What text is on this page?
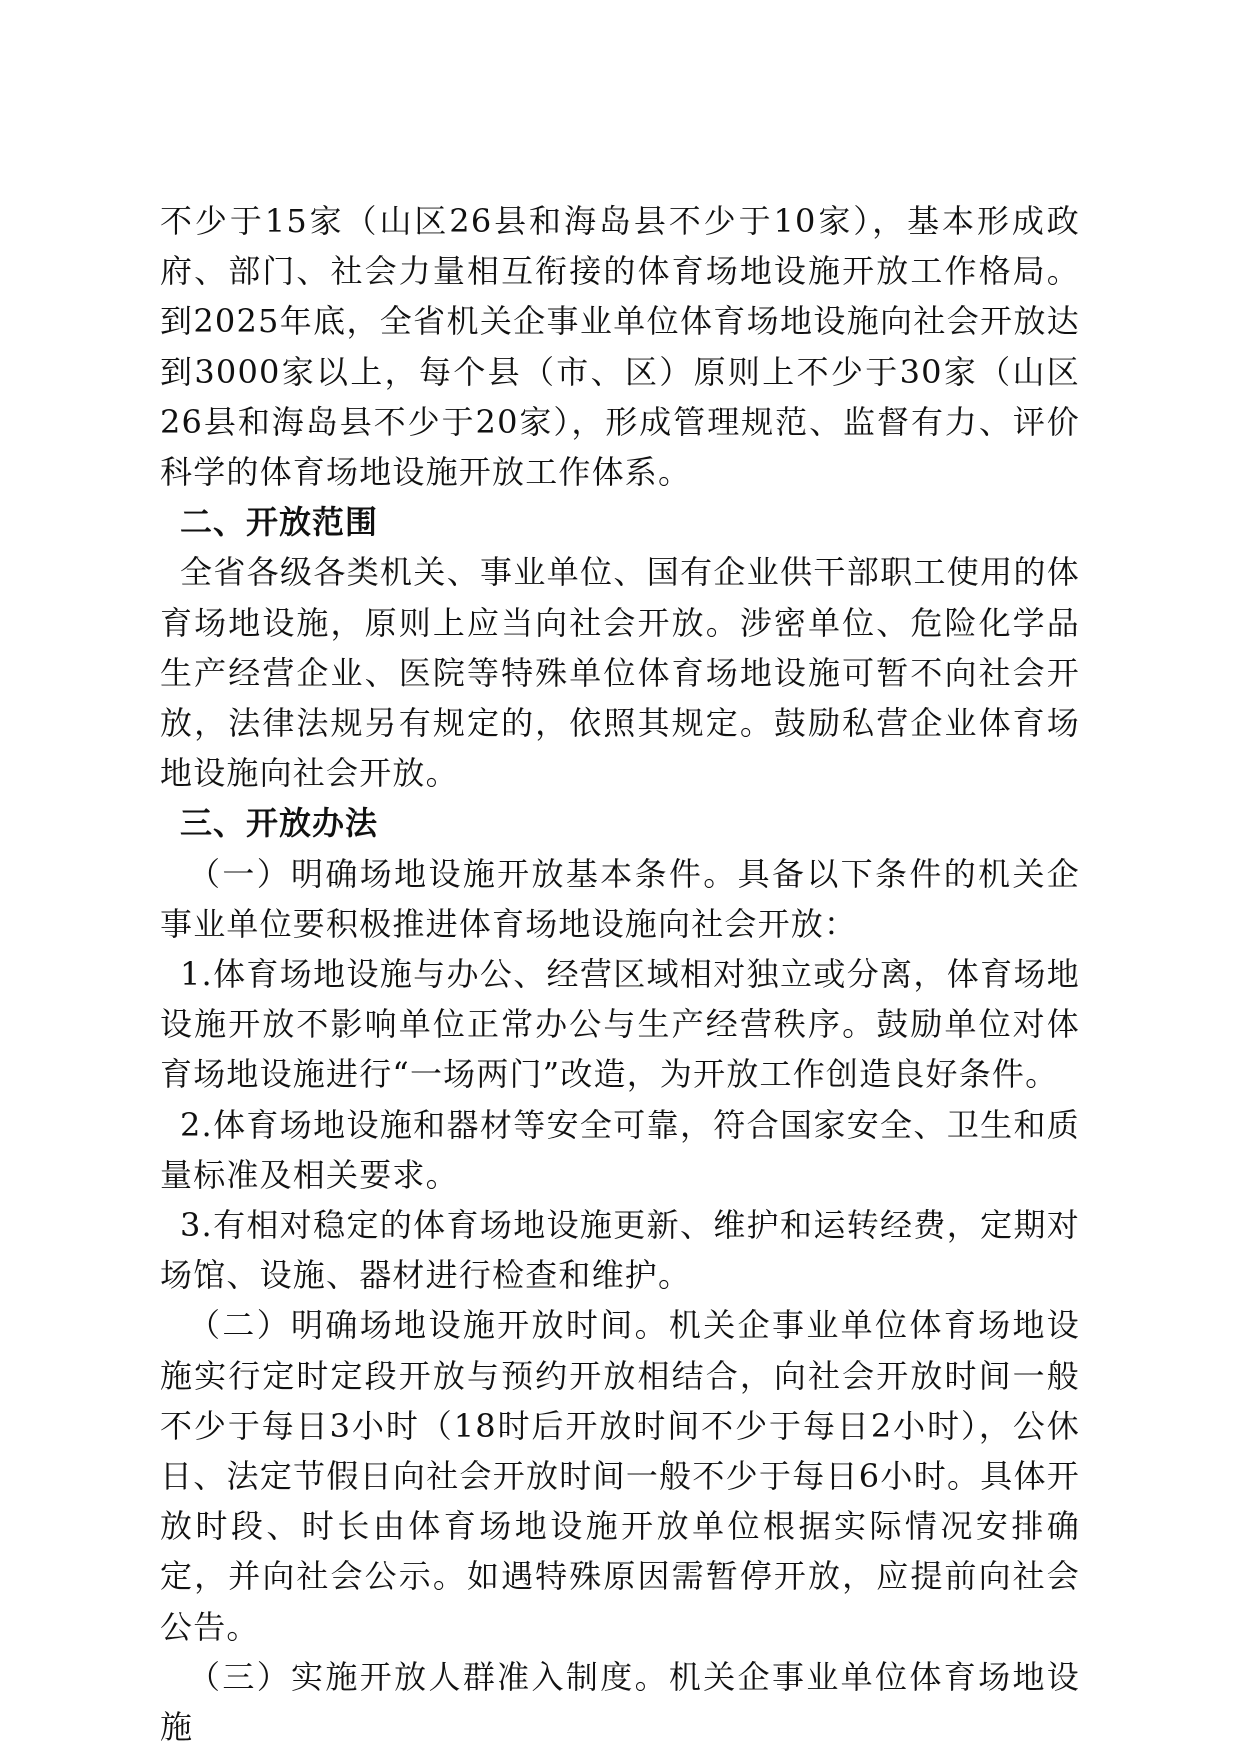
不少于15家（山区26县和海岛县不少于10家），基本形成政府、部门、社会力量相互衔接的体育场地设施开放工作格局。到2025年底，全省机关企事业单位体育场地设施向社会开放达到3000家以上，每个县（市、区）原则上不少于30家（山区26县和海岛县不少于20家），形成管理规范、监督有力、评价科学的体育场地设施开放工作体系。

二、开放范围

全省各级各类机关、事业单位、国有企业供干部职工使用的体育场地设施，原则上应当向社会开放。涉密单位、危险化学品生产经营企业、医院等特殊单位体育场地设施可暂不向社会开放，法律法规另有规定的，依照其规定。鼓励私营企业体育场地设施向社会开放。

三、开放办法

（一）明确场地设施开放基本条件。具备以下条件的机关企事业单位要积极推进体育场地设施向社会开放：

1.体育场地设施与办公、经营区域相对独立或分离，体育场地设施开放不影响单位正常办公与生产经营秩序。鼓励单位对体育场地设施进行“一场两门”改造，为开放工作创造良好条件。

2.体育场地设施和器材等安全可靠，符合国家安全、卫生和质量标准及相关要求。

3.有相对稳定的体育场地设施更新、维护和运转经费，定期对场馆、设施、器材进行检查和维护。

（二）明确场地设施开放时间。机关企事业单位体育场地设施实行定时定段开放与预约开放相结合，向社会开放时间一般不少于每日3小时（18时后开放时间不少于每日2小时），公休日、法定节假日向社会开放时间一般不少于每日6小时。具体开放时段、时长由体育场地设施开放单位根据实际情况安排确定，并向社会公示。如遇特殊原因需暂停开放，应提前向社会公告。

（三）实施开放人群准入制度。机关企事业单位体育场地设施
